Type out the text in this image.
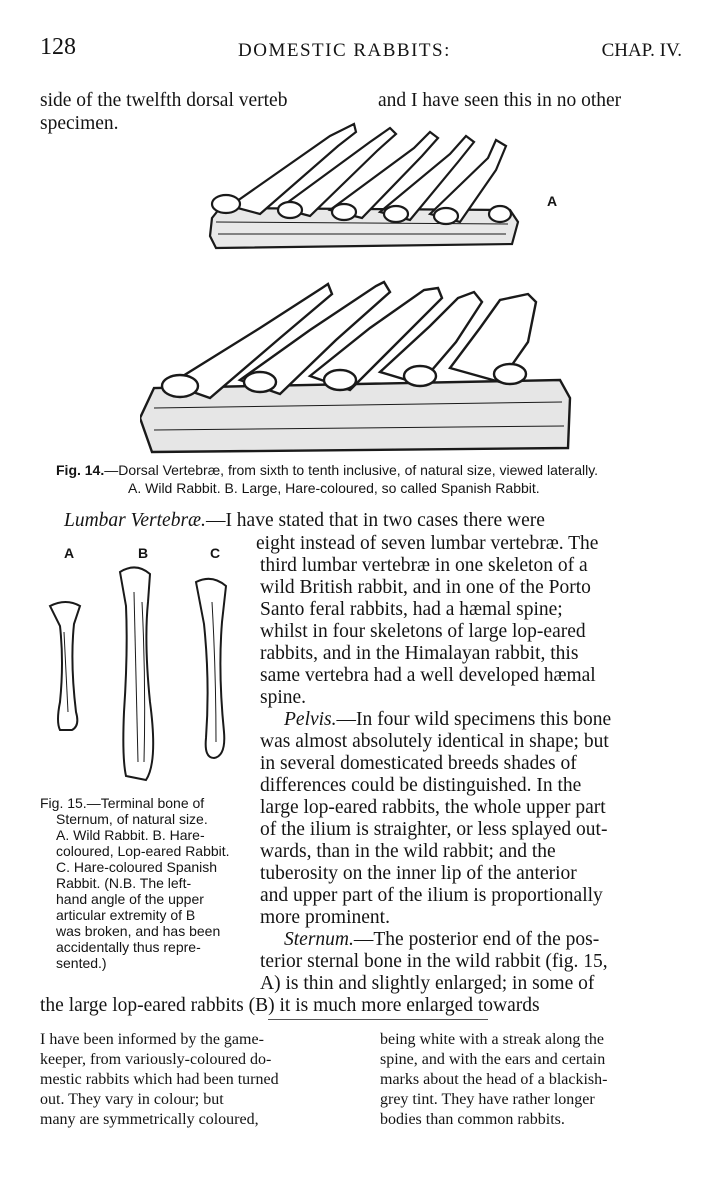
128	DOMESTIC RABBITS:	CHAP. IV.
side of the twelfth dorsal verteb	and I have seen this in no other
specimen.
A
Fig. 14.—Dorsal Vertebræ, from sixth to tenth inclusive, of natural size, viewed laterally.
A. Wild Rabbit. B. Large, Hare-coloured, so called Spanish Rabbit.
Lumbar Vertebræ.—I have stated that in two cases there were
eight instead of seven lumbar vertebræ. The
third lumbar vertebræ in one skeleton of a
wild British rabbit, and in one of the Porto
Santo feral rabbits, had a hæmal spine;
whilst in four skeletons of large lop-eared
rabbits, and in the Himalayan rabbit, this
same vertebra had a well developed hæmal
spine.
A	B	C
Fig. 15.—Terminal bone of
Sternum, of natural size.
A. Wild Rabbit. B. Hare-
coloured, Lop-eared Rabbit.
C. Hare-coloured Spanish
Rabbit. (N.B. The left-
hand angle of the upper
articular extremity of B
was broken, and has been
accidentally thus repre-
sented.)
Pelvis.—In four wild specimens this bone
was almost absolutely identical in shape; but
in several domesticated breeds shades of
differences could be distinguished. In the
large lop-eared rabbits, the whole upper part
of the ilium is straighter, or less splayed out-
wards, than in the wild rabbit; and the
tuberosity on the inner lip of the anterior
and upper part of the ilium is proportionally
more prominent.
Sternum.—The posterior end of the pos-
terior sternal bone in the wild rabbit (fig. 15,
A) is thin and slightly enlarged; in some of
the large lop-eared rabbits (B) it is much more enlarged towards
I have been informed by the game-
keeper, from variously-coloured do-
mestic rabbits which had been turned
out. They vary in colour; but
many are symmetrically coloured,
being white with a streak along the
spine, and with the ears and certain
marks about the head of a blackish-
grey tint. They have rather longer
bodies than common rabbits.
